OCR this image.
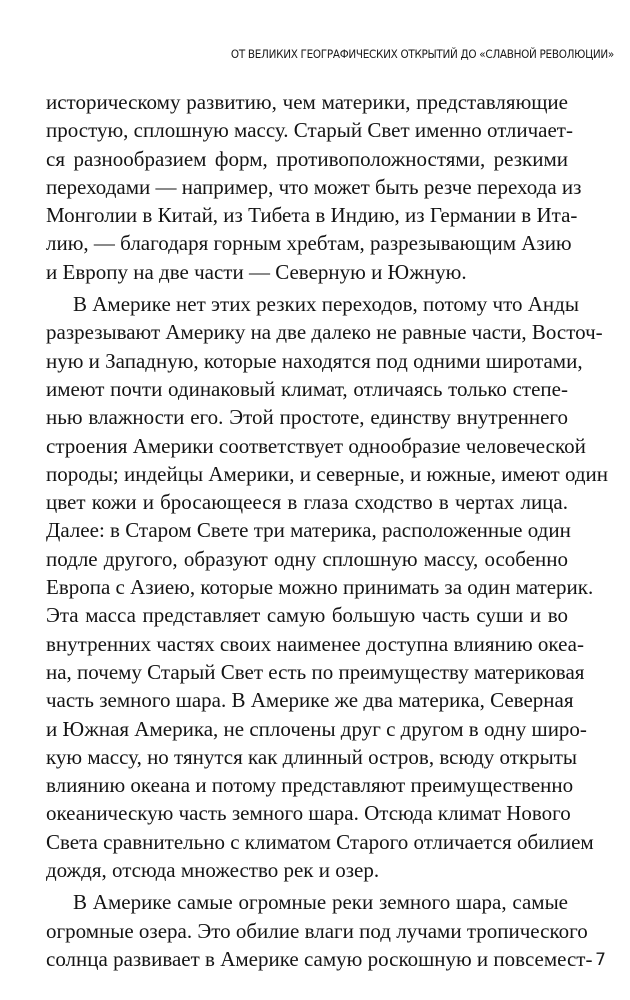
ОТ ВЕЛИКИХ ГЕОГРАФИЧЕСКИХ ОТКРЫТИЙ ДО «СЛАВНОЙ РЕВОЛЮЦИИ»
историческому развитию, чем материки, представляющие
простую, сплошную массу. Старый Свет именно отличает-
ся разнообразием форм, противоположностями, резкими
переходами — например, что может быть резче перехода из
Монголии в Китай, из Тибета в Индию, из Германии в Ита-
лию, — благодаря горным хребтам, разрезывающим Азию
и Европу на две части — Северную и Южную.
В Америке нет этих резких переходов, потому что Анды
разрезывают Америку на две далеко не равные части, Восточ-
ную и Западную, которые находятся под одними широтами,
имеют почти одинаковый климат, отличаясь только степе-
нью влажности его. Этой простоте, единству внутреннего
строения Америки соответствует однообразие человеческой
породы; индейцы Америки, и северные, и южные, имеют один
цвет кожи и бросающееся в глаза сходство в чертах лица.
Далее: в Старом Свете три материка, расположенные один
подле другого, образуют одну сплошную массу, особенно
Европа с Азиею, которые можно принимать за один материк.
Эта масса представляет самую большую часть суши и во
внутренних частях своих наименее доступна влиянию океа-
на, почему Старый Свет есть по преимуществу материковая
часть земного шара. В Америке же два материка, Северная
и Южная Америка, не сплочены друг с другом в одну широ-
кую массу, но тянутся как длинный остров, всюду открыты
влиянию океана и потому представляют преимущественно
океаническую часть земного шара. Отсюда климат Нового
Света сравнительно с климатом Старого отличается обилием
дождя, отсюда множество рек и озер.
В Америке самые огромные реки земного шара, самые
огромные озера. Это обилие влаги под лучами тропического
солнца развивает в Америке самую роскошную и повсемест- 7
